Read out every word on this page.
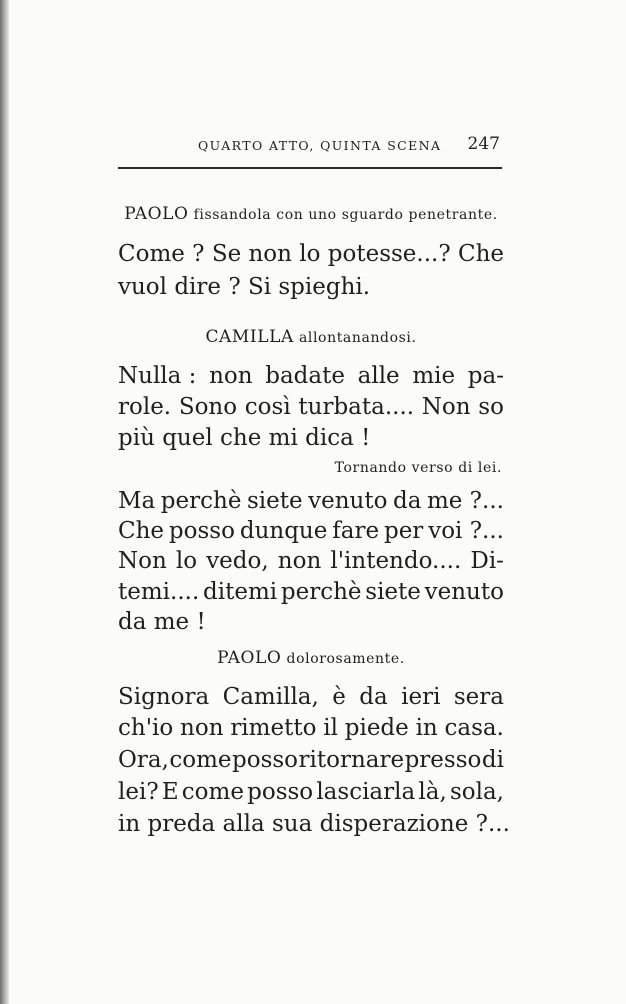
QUARTO ATTO, QUINTA SCENA 247
PAOLO fissandola con uno sguardo penetrante.
Come ? Se non lo potesse...? Che
vuol dire ? Si spieghi.
CAMILLA allontanandosi.
Nulla : non badate alle mie pa-
role. Sono così turbata.... Non so
più quel che mi dica !
Tornando verso di lei.
Ma perchè siete venuto da me ?...
Che posso dunque fare per voi ?...
Non lo vedo, non l'intendo.... Di-
temi.... ditemi perchè siete venuto
da me !
PAOLO dolorosamente.
Signora Camilla, è da ieri sera
ch'io non rimetto il piede in casa.
Ora, come posso ritornare presso di
lei? E come posso lasciarla là, sola,
in preda alla sua disperazione ?...
